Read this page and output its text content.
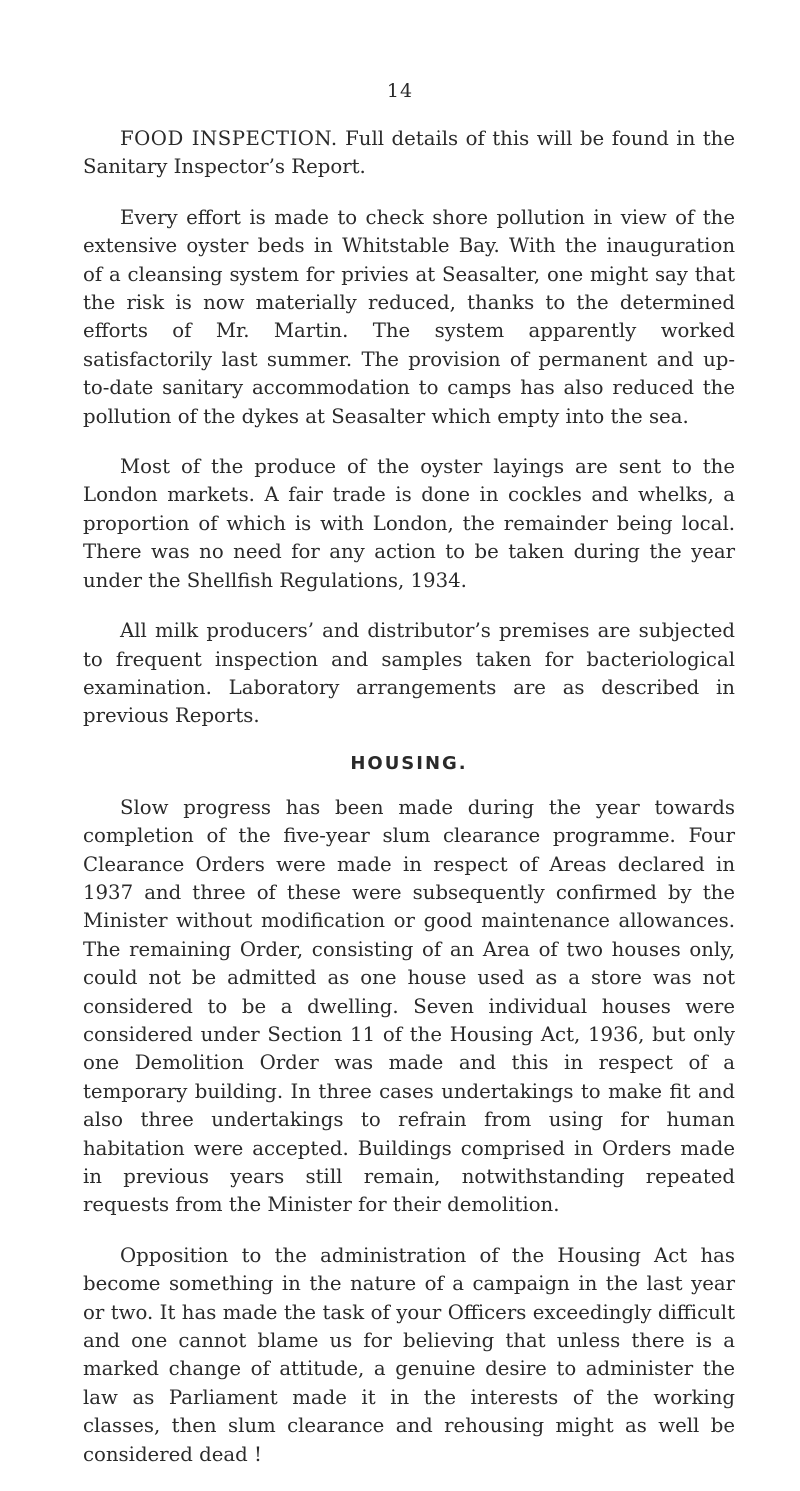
14

FOOD INSPECTION. Full details of this will be found in the Sanitary Inspector’s Report.

Every effort is made to check shore pollution in view of the extensive oyster beds in Whitstable Bay. With the inauguration of a cleansing system for privies at Seasalter, one might say that the risk is now materially reduced, thanks to the determined efforts of Mr. Martin. The system apparently worked satisfactorily last summer. The provision of permanent and up-to-date sanitary accommodation to camps has also reduced the pollution of the dykes at Seasalter which empty into the sea.

Most of the produce of the oyster layings are sent to the London markets. A fair trade is done in cockles and whelks, a proportion of which is with London, the remainder being local. There was no need for any action to be taken during the year under the Shellfish Regulations, 1934.

All milk producers’ and distributor’s premises are subjected to frequent inspection and samples taken for bacteriological examination. Laboratory arrangements are as described in previous Reports.

HOUSING.

Slow progress has been made during the year towards completion of the five-year slum clearance programme. Four Clearance Orders were made in respect of Areas declared in 1937 and three of these were subsequently confirmed by the Minister without modification or good maintenance allowances. The remaining Order, consisting of an Area of two houses only, could not be admitted as one house used as a store was not considered to be a dwelling. Seven individual houses were considered under Section 11 of the Housing Act, 1936, but only one Demolition Order was made and this in respect of a temporary building. In three cases undertakings to make fit and also three undertakings to refrain from using for human habitation were accepted. Buildings comprised in Orders made in previous years still remain, notwithstanding repeated requests from the Minister for their demolition.

Opposition to the administration of the Housing Act has become something in the nature of a campaign in the last year or two. It has made the task of your Officers exceedingly difficult and one cannot blame us for believing that unless there is a marked change of attitude, a genuine desire to administer the law as Parliament made it in the interests of the working classes, then slum clearance and rehousing might as well be considered dead !
